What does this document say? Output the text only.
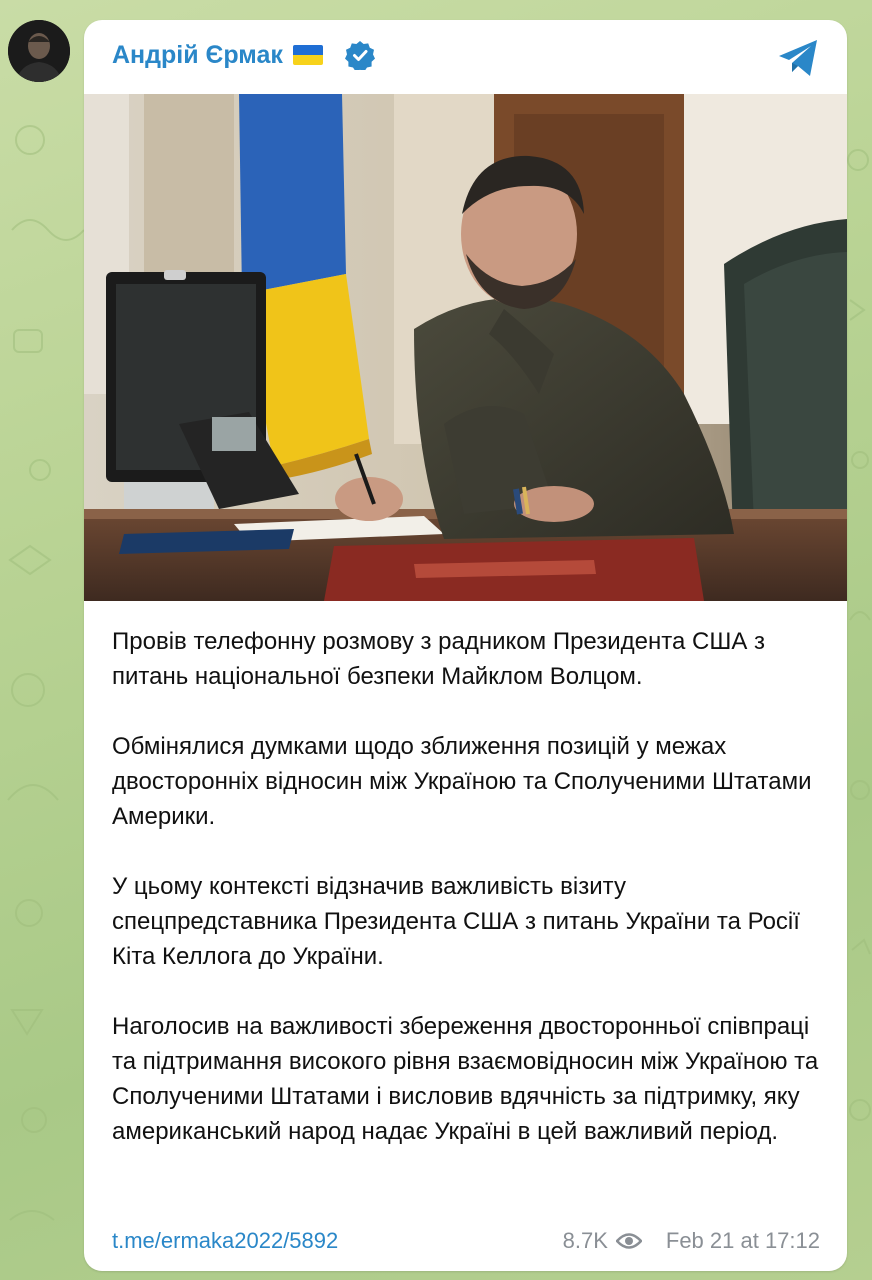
Андрій Єрмак

Провів телефонну розмову з радником Президента США з питань національної безпеки Майклом Волцом.

Обмінялися думками щодо зближення позицій у межах двосторонніх відносин між Україною та Сполученими Штатами Америки.

У цьому контексті відзначив важливість візиту спецпредставника Президента США з питань України та Росії Кіта Келлога до України.

Наголосив на важливості збереження двосторонньої співпраці та підтримання високого рівня взаємовідносин між Україною та Сполученими Штатами і висловив вдячність за підтримку, яку американський народ надає Україні в цей важливий період.

t.me/ermaka2022/5892	8.7K	Feb 21 at 17:12
